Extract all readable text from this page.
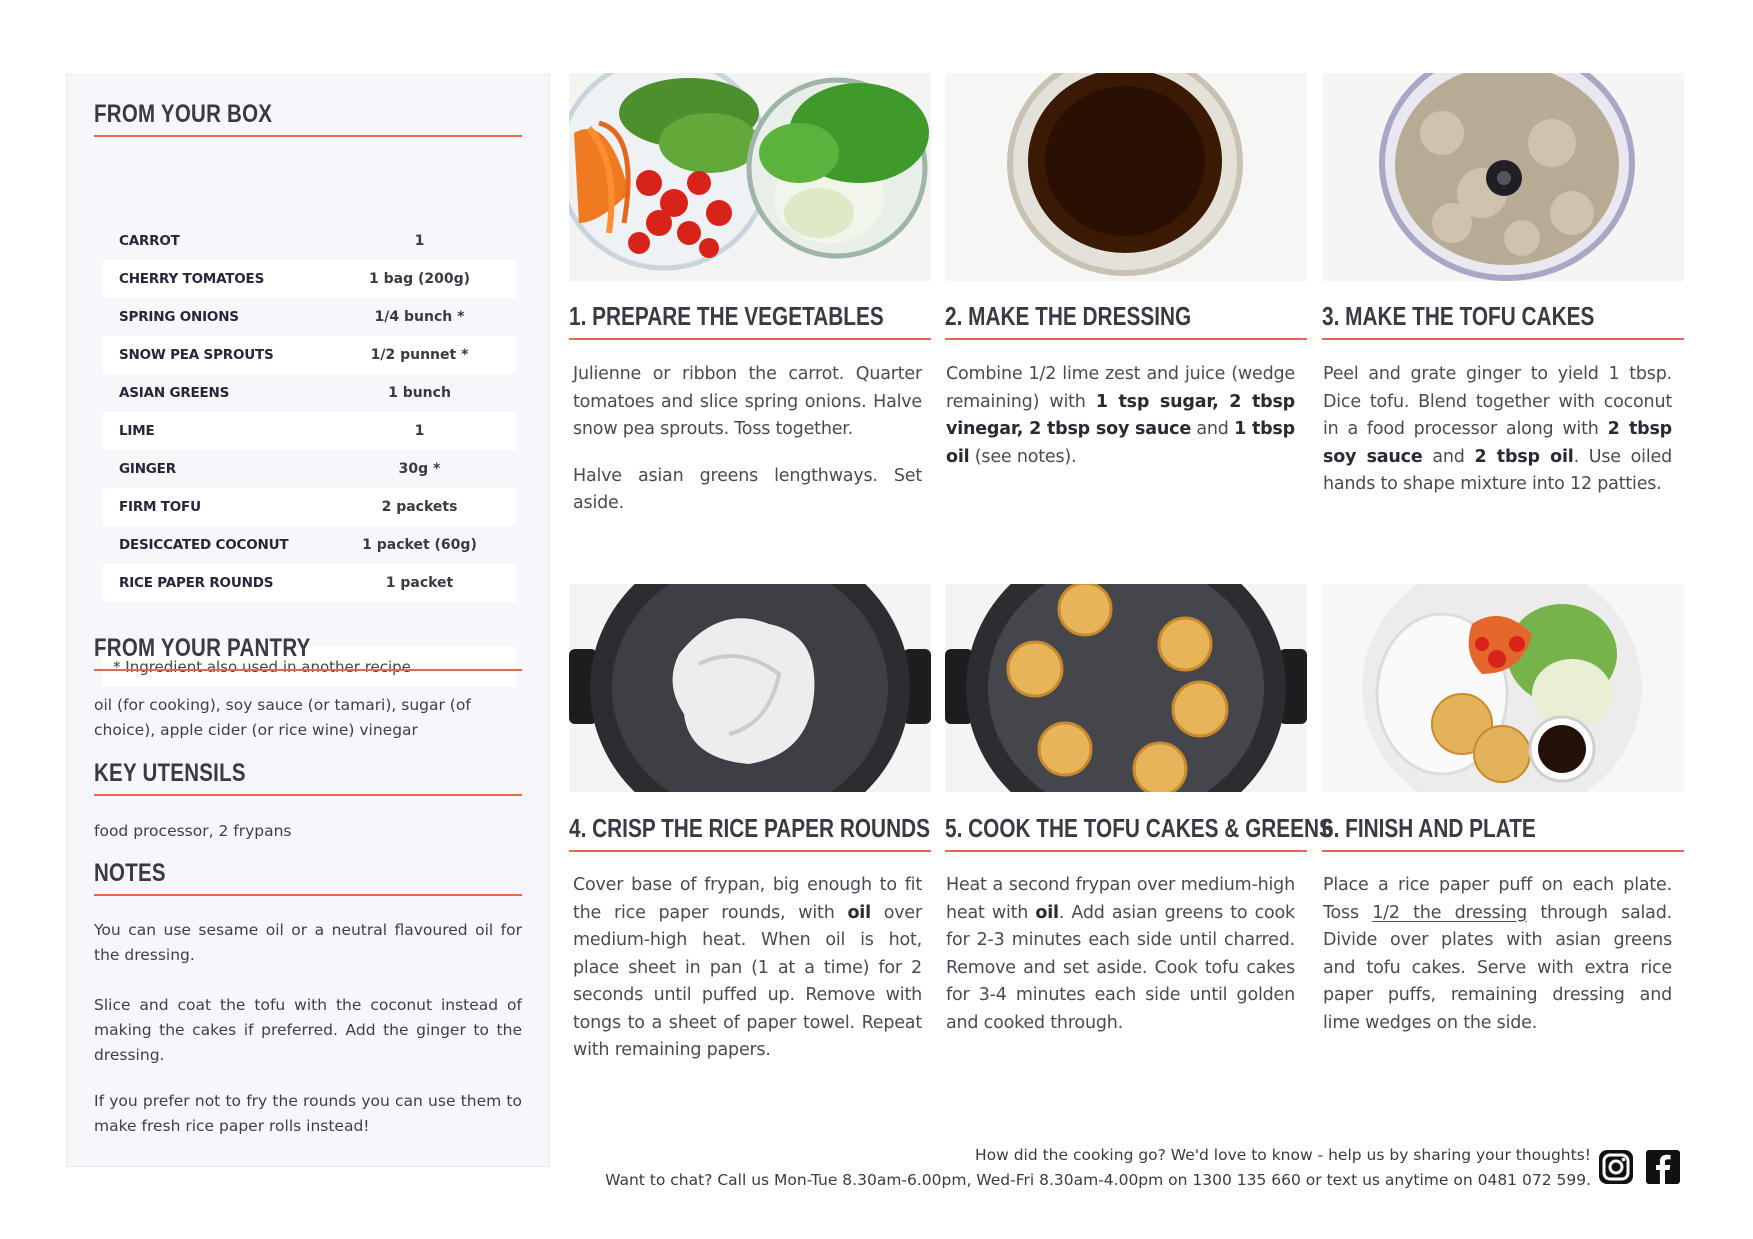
FROM YOUR BOX
CARROT	1
CHERRY TOMATOES	1 bag (200g)
SPRING ONIONS	1/4 bunch *
SNOW PEA SPROUTS	1/2 punnet *
ASIAN GREENS	1 bunch
LIME	1
GINGER	30g *
FIRM TOFU	2 packets
DESICCATED COCONUT	1 packet (60g)
RICE PAPER ROUNDS	1 packet
* Ingredient also used in another recipe
FROM YOUR PANTRY
oil (for cooking), soy sauce (or tamari), sugar (of choice), apple cider (or rice wine) vinegar
KEY UTENSILS
food processor, 2 frypans
NOTES
You can use sesame oil or a neutral flavoured oil for the dressing.
Slice and coat the tofu with the coconut instead of making the cakes if preferred. Add the ginger to the dressing.
If you prefer not to fry the rounds you can use them to make fresh rice paper rolls instead!
1. PREPARE THE VEGETABLES	2. MAKE THE DRESSING	3. MAKE THE TOFU CAKES
4. CRISP THE RICE PAPER ROUNDS 5. COOK THE TOFU CAKES & GREENS
6. FINISH AND PLATE

Julienne or ribbon the carrot. Quarter tomatoes and slice spring onions. Halve snow pea sprouts. Toss together.

Halve asian greens lengthways. Set aside.

Combine 1/2 lime zest and juice (wedge remaining) with 1 tsp sugar, 2 tbsp vinegar, 2 tbsp soy sauce and 1 tbsp oil (see notes).

Peel and grate ginger to yield 1 tbsp. Dice tofu. Blend together with coconut in a food processor along with 2 tbsp soy sauce and 2 tbsp oil. Use oiled hands to shape mixture into 12 patties.

Cover base of frypan, big enough to fit the rice paper rounds, with oil over medium-high heat. When oil is hot, place sheet in pan (1 at a time) for 2 seconds until puffed up. Remove with tongs to a sheet of paper towel. Repeat with remaining papers.

Heat a second frypan over medium-high heat with oil. Add asian greens to cook for 2-3 minutes each side until charred. Remove and set aside. Cook tofu cakes for 3-4 minutes each side until golden and cooked through.

Place a rice paper puff on each plate. Toss 1/2 the dressing through salad. Divide over plates with asian greens and tofu cakes. Serve with extra rice paper puffs, remaining dressing and lime wedges on the side.

How did the cooking go? We'd love to know - help us by sharing your thoughts!
Want to chat? Call us Mon-Tue 8.30am-6.00pm, Wed-Fri 8.30am-4.00pm on 1300 135 660 or text us anytime on 0481 072 599.
